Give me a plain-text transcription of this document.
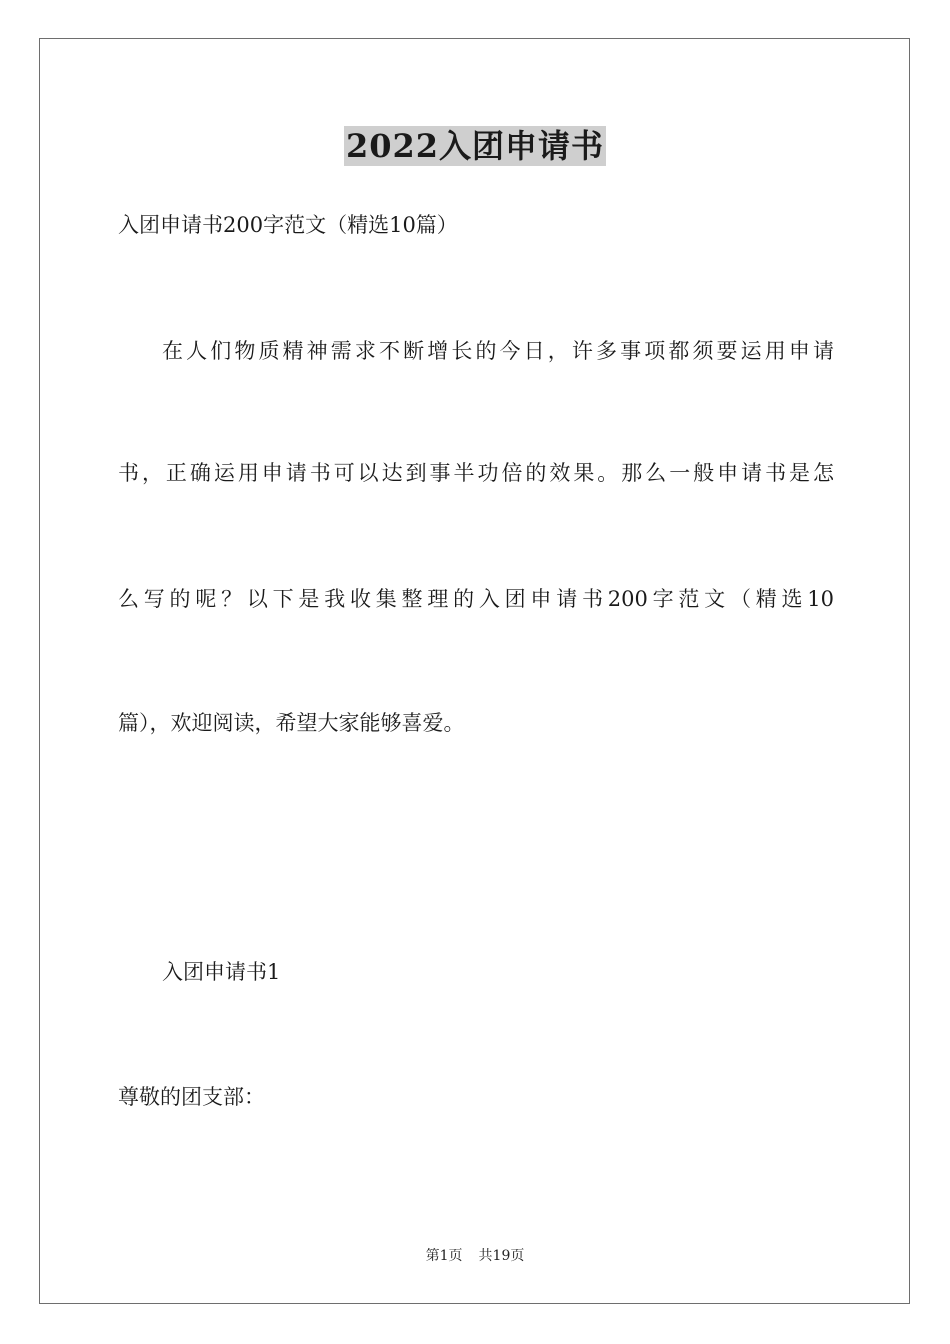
2022入团申请书

入团申请书200字范文（精选10篇）

在人们物质精神需求不断增长的今日，许多事项都须要运用申请

书，正确运用申请书可以达到事半功倍的效果。那么一般申请书是怎

么写的呢？以下是我收集整理的入团申请书200字范文（精选10

篇），欢迎阅读，希望大家能够喜爱。

入团申请书1

尊敬的团支部：

第1页 共19页
